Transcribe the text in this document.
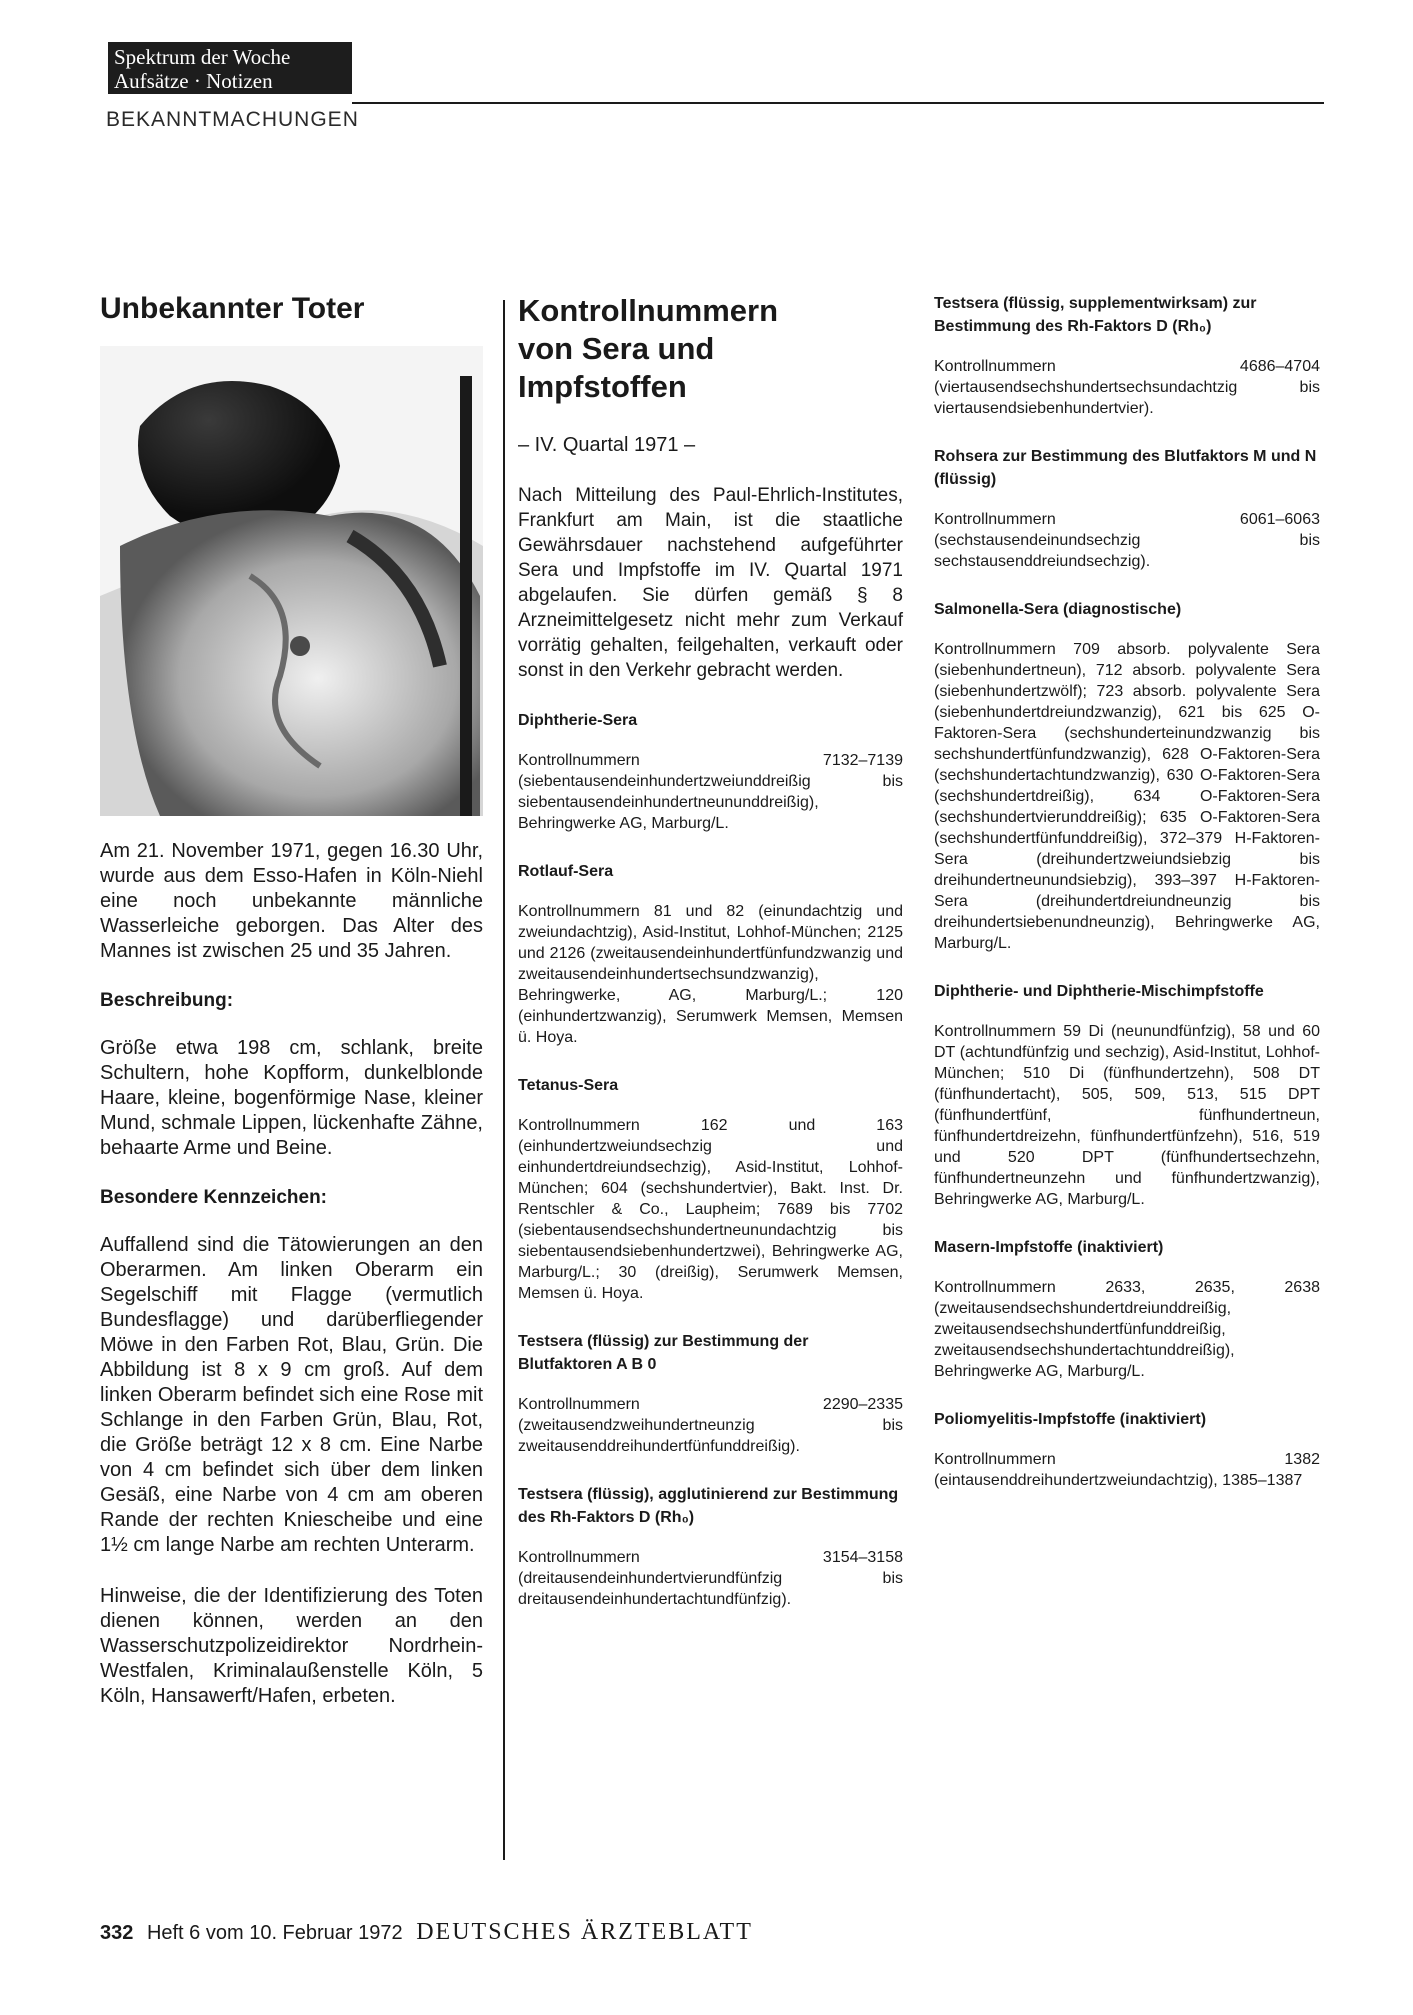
Spektrum der Woche
Aufsätze · Notizen
BEKANNTMACHUNGEN
Unbekannter Toter
Am 21. November 1971, gegen 16.30 Uhr, wurde aus dem Esso-Hafen in Köln-Niehl eine noch unbekannte männliche Wasserleiche geborgen. Das Alter des Mannes ist zwischen 25 und 35 Jahren.
Beschreibung:
Größe etwa 198 cm, schlank, breite Schultern, hohe Kopfform, dunkelblonde Haare, kleine, bogenförmige Nase, kleiner Mund, schmale Lippen, lückenhafte Zähne, behaarte Arme und Beine.
Besondere Kennzeichen:
Auffallend sind die Tätowierungen an den Oberarmen. Am linken Oberarm ein Segelschiff mit Flagge (vermutlich Bundesflagge) und darüberfliegender Möwe in den Farben Rot, Blau, Grün. Die Abbildung ist 8 x 9 cm groß. Auf dem linken Oberarm befindet sich eine Rose mit Schlange in den Farben Grün, Blau, Rot, die Größe beträgt 12 x 8 cm. Eine Narbe von 4 cm befindet sich über dem linken Gesäß, eine Narbe von 4 cm am oberen Rande der rechten Kniescheibe und eine 1½ cm lange Narbe am rechten Unterarm.
Hinweise, die der Identifizierung des Toten dienen können, werden an den Wasserschutzpolizeidirektor Nordrhein-Westfalen, Kriminalaußenstelle Köln, 5 Köln, Hansawerft/Hafen, erbeten.
Kontrollnummern
von Sera und
Impfstoffen
– IV. Quartal 1971 –
Nach Mitteilung des Paul-Ehrlich-Institutes, Frankfurt am Main, ist die staatliche Gewährsdauer nachstehend aufgeführter Sera und Impfstoffe im IV. Quartal 1971 abgelaufen. Sie dürfen gemäß § 8 Arzneimittelgesetz nicht mehr zum Verkauf vorrätig gehalten, feilgehalten, verkauft oder sonst in den Verkehr gebracht werden.
Diphtherie-Sera
Kontrollnummern 7132–7139 (siebentausendeinhundertzweiunddreißig bis siebentausendeinhundertneununddreißig), Behringwerke AG, Marburg/L.
Rotlauf-Sera
Kontrollnummern 81 und 82 (einundachtzig und zweiundachtzig), Asid-Institut, Lohhof-München; 2125 und 2126 (zweitausendeinhundertfünfundzwanzig und zweitausendeinhundertsechsundzwanzig), Behringwerke, AG, Marburg/L.; 120 (einhundertzwanzig), Serumwerk Memsen, Memsen ü. Hoya.
Tetanus-Sera
Kontrollnummern 162 und 163 (einhundertzweiundsechzig und einhundertdreiundsechzig), Asid-Institut, Lohhof-München; 604 (sechshundertvier), Bakt. Inst. Dr. Rentschler & Co., Laupheim; 7689 bis 7702 (siebentausendsechshundertneunundachtzig bis siebentausendsiebenhundertzwei), Behringwerke AG, Marburg/L.; 30 (dreißig), Serumwerk Memsen, Memsen ü. Hoya.
Testsera (flüssig) zur Bestimmung der Blutfaktoren A B 0
Kontrollnummern 2290–2335 (zweitausendzweihundertneunzig bis zweitausenddreihundertfünfunddreißig).
Testsera (flüssig), agglutinierend zur Bestimmung des Rh-Faktors D (Rh₀)
Kontrollnummern 3154–3158 (dreitausendeinhundertvierundfünfzig bis dreitausendeinhundertachtundfünfzig).
Testsera (flüssig, supplementwirksam) zur Bestimmung des Rh-Faktors D (Rh₀)
Kontrollnummern 4686–4704 (viertausendsechshundertsechsundachtzig bis viertausendsiebenhundertvier).
Rohsera zur Bestimmung des Blutfaktors M und N (flüssig)
Kontrollnummern 6061–6063 (sechstausendeinundsechzig bis sechstausenddreiundsechzig).
Salmonella-Sera (diagnostische)
Kontrollnummern 709 absorb. polyvalente Sera (siebenhundertneun), 712 absorb. polyvalente Sera (siebenhundertzwölf); 723 absorb. polyvalente Sera (siebenhundertdreiundzwanzig), 621 bis 625 O-Faktoren-Sera (sechshunderteinundzwanzig bis sechshundertfünfundzwanzig), 628 O-Faktoren-Sera (sechshundertachtundzwanzig), 630 O-Faktoren-Sera (sechshundertdreißig), 634 O-Faktoren-Sera (sechshundertvierunddreißig); 635 O-Faktoren-Sera (sechshundertfünfunddreißig), 372–379 H-Faktoren-Sera (dreihundertzweiundsiebzig bis dreihundertneunundsiebzig), 393–397 H-Faktoren-Sera (dreihundertdreiundneunzig bis dreihundertsiebenundneunzig), Behringwerke AG, Marburg/L.
Diphtherie- und Diphtherie-Mischimpfstoffe
Kontrollnummern 59 Di (neunundfünfzig), 58 und 60 DT (achtundfünfzig und sechzig), Asid-Institut, Lohhof-München; 510 Di (fünfhundertzehn), 508 DT (fünfhundertacht), 505, 509, 513, 515 DPT (fünfhundertfünf, fünfhundertneun, fünfhundertdreizehn, fünfhundertfünfzehn), 516, 519 und 520 DPT (fünfhundertsechzehn, fünfhundertneunzehn und fünfhundertzwanzig), Behringwerke AG, Marburg/L.
Masern-Impfstoffe (inaktiviert)
Kontrollnummern 2633, 2635, 2638 (zweitausendsechshundertdreiunddreißig, zweitausendsechshundertfünfunddreißig, zweitausendsechshundertachtunddreißig), Behringwerke AG, Marburg/L.
Poliomyelitis-Impfstoffe (inaktiviert)
Kontrollnummern 1382 (eintausenddreihundertzweiundachtzig), 1385–1387
332 Heft 6 vom 10. Februar 1972 DEUTSCHES ÄRZTEBLATT
